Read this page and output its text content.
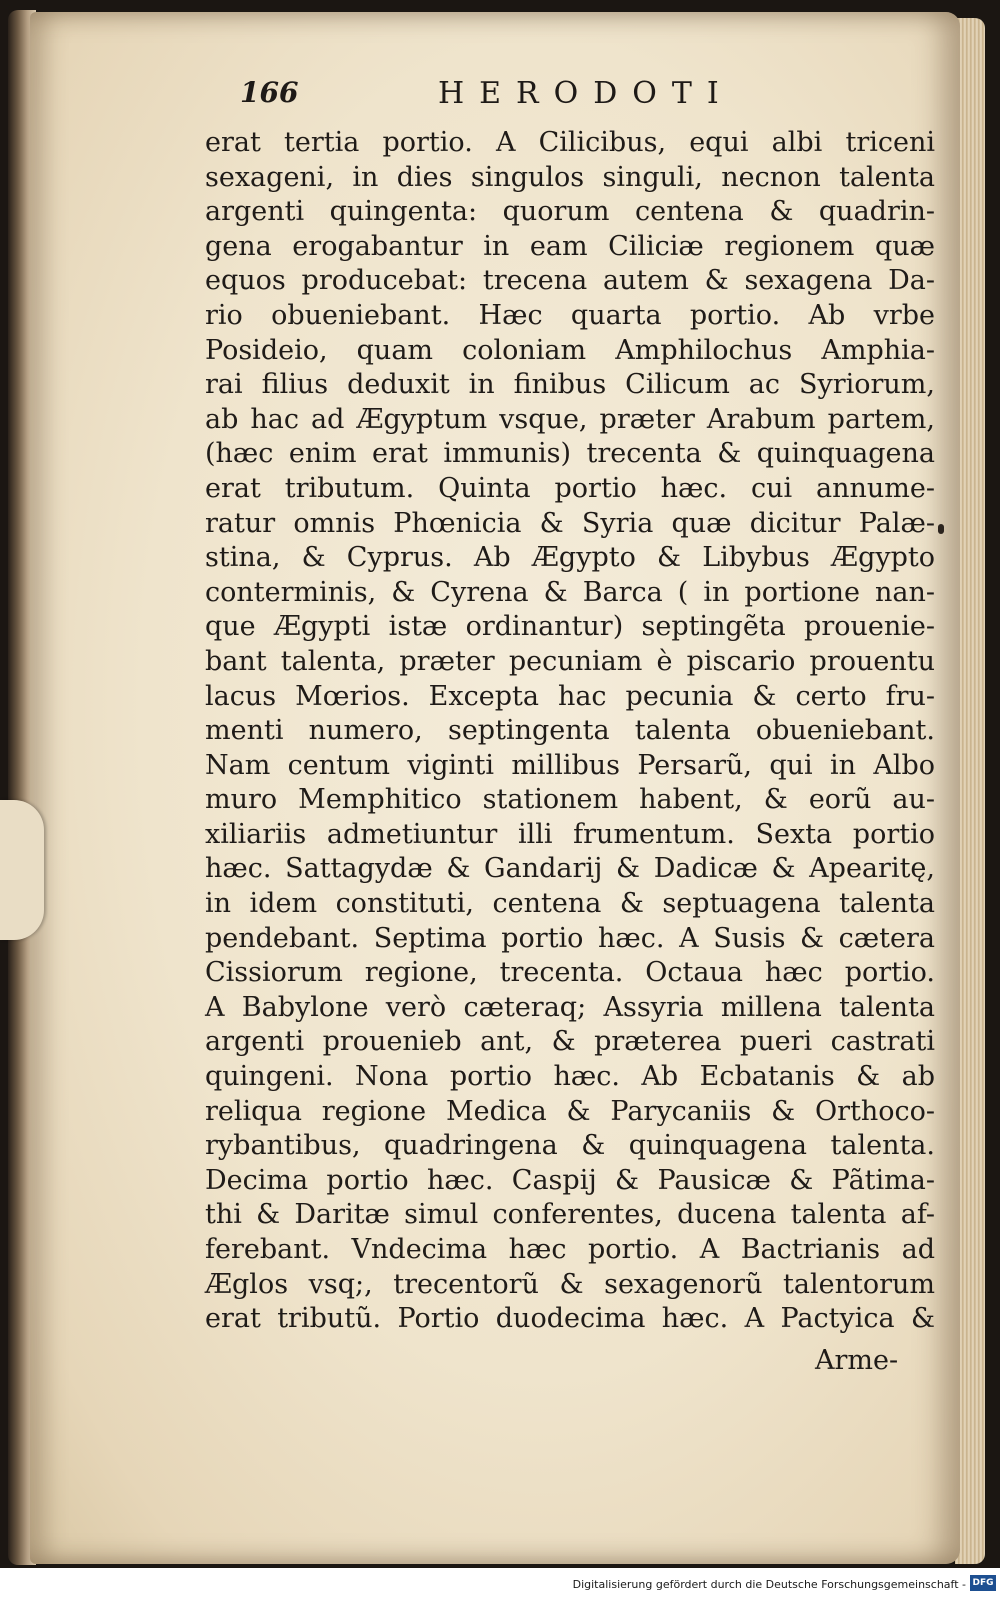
166	HERODOTI
erat tertia portio. A Cilicibus, equi albi triceni
sexageni, in dies singulos singuli, necnon talenta
argenti quingenta: quorum centena & quadrin-
gena erogabantur in eam Ciliciæ regionem quæ
equos producebat: trecena autem & sexagena Da-
rio obueniebant. Hæc quarta portio. Ab vrbe
Posideio, quam coloniam Amphilochus Amphia-
rai filius deduxit in finibus Cilicum ac Syriorum,
ab hac ad Ægyptum vsque, præter Arabum partem,
(hæc enim erat immunis) trecenta & quinquagena
erat tributum. Quinta portio hæc. cui annume-
ratur omnis Phœnicia & Syria quæ dicitur Palæ-
stina, & Cyprus. Ab Ægypto & Libybus Ægypto
conterminis, & Cyrena & Barca ( in portione nan-
que Ægypti istæ ordinantur) septingẽta prouenie-
bant talenta, præter pecuniam è piscario prouentu
lacus Mœrios. Excepta hac pecunia & certo fru-
menti numero, septingenta talenta obueniebant.
Nam centum viginti millibus Persarũ, qui in Albo
muro Memphitico stationem habent, & eorũ au-
xiliariis admetiuntur illi frumentum. Sexta portio
hæc. Sattagydæ & Gandarij & Dadicæ & Apearitę,
in idem constituti, centena & septuagena talenta
pendebant. Septima portio hæc. A Susis & cætera
Cissiorum regione, trecenta. Octaua hæc portio.
A Babylone verò cæteraq; Assyria millena talenta
argenti prouenieb ant, & præterea pueri castrati
quingeni. Nona portio hæc. Ab Ecbatanis & ab
reliqua regione Medica & Parycaniis & Orthoco-
rybantibus, quadringena & quinquagena talenta.
Decima portio hæc. Caspij & Pausicæ & Pãtima-
thi & Daritæ simul conferentes, ducena talenta af-
ferebant. Vndecima hæc portio. A Bactrianis ad
Æglos vsq;, trecentorũ & sexagenorũ talentorum
erat tributũ. Portio duodecima hæc. A Pactyica &
Arme-
Digitalisierung gefördert durch die Deutsche Forschungsgemeinschaft - DFG
